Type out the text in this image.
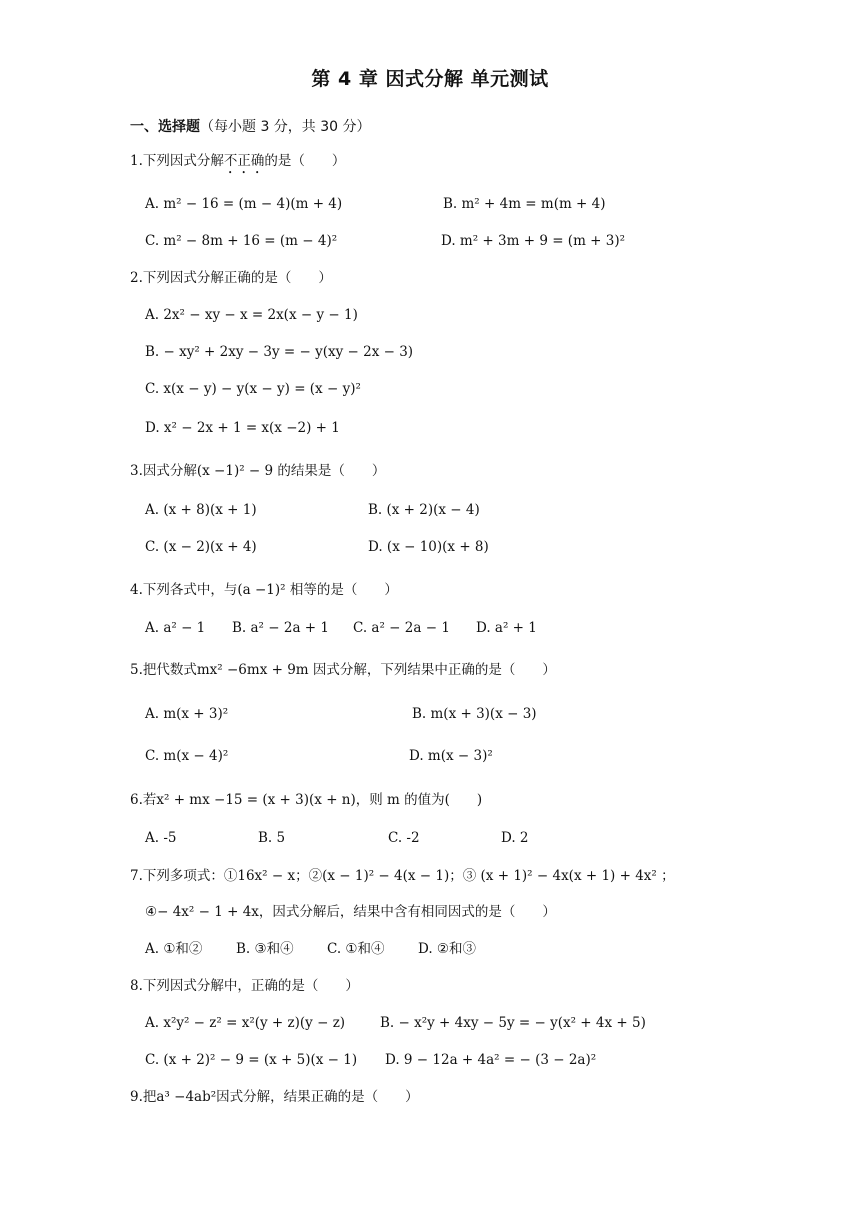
第 4 章 因式分解 单元测试
一、选择题（每小题 3 分，共 30 分）
1.下列因式分解不正确的是（　　）
A. m² − 16 = (m − 4)(m + 4)	B. m² + 4m = m(m + 4)
C. m² − 8m + 16 = (m − 4)²	D. m² + 3m + 9 = (m + 3)²
2.下列因式分解正确的是（　　）
A. 2x² − xy − x = 2x(x − y − 1)
B. − xy² + 2xy − 3y = − y(xy − 2x − 3)
C. x(x − y) − y(x − y) = (x − y)²
D. x² − 2x + 1 = x(x −2) + 1
3.因式分解(x −1)² − 9 的结果是（　　）
A. (x + 8)(x + 1)	B. (x + 2)(x − 4)
C. (x − 2)(x + 4)	D. (x − 10)(x + 8)
4.下列各式中，与(a −1)² 相等的是（　　）
A. a² − 1 B. a² − 2a + 1 C. a² − 2a − 1 D. a² + 1
5.把代数式mx² −6mx + 9m 因式分解，下列结果中正确的是（　　）
A. m(x + 3)²	B. m(x + 3)(x − 3)
C. m(x − 4)²	D. m(x − 3)²
6.若x² + mx −15 = (x + 3)(x + n)，则 m 的值为(　　)
A. -5	B. 5	C. -2	D. 2
7.下列多项式：①16x² − x；②(x − 1)² − 4(x − 1)；③ (x + 1)² − 4x(x + 1) + 4x² ；
④− 4x² − 1 + 4x，因式分解后，结果中含有相同因式的是（　　）
A. ①和② B. ③和④ C. ①和④ D. ②和③
8.下列因式分解中，正确的是（　　）
A. x²y² − z² = x²(y + z)(y − z)	B. − x²y + 4xy − 5y = − y(x² + 4x + 5)
C. (x + 2)² − 9 = (x + 5)(x − 1) D. 9 − 12a + 4a² = − (3 − 2a)²
9.把a³ −4ab²因式分解，结果正确的是（　　）
